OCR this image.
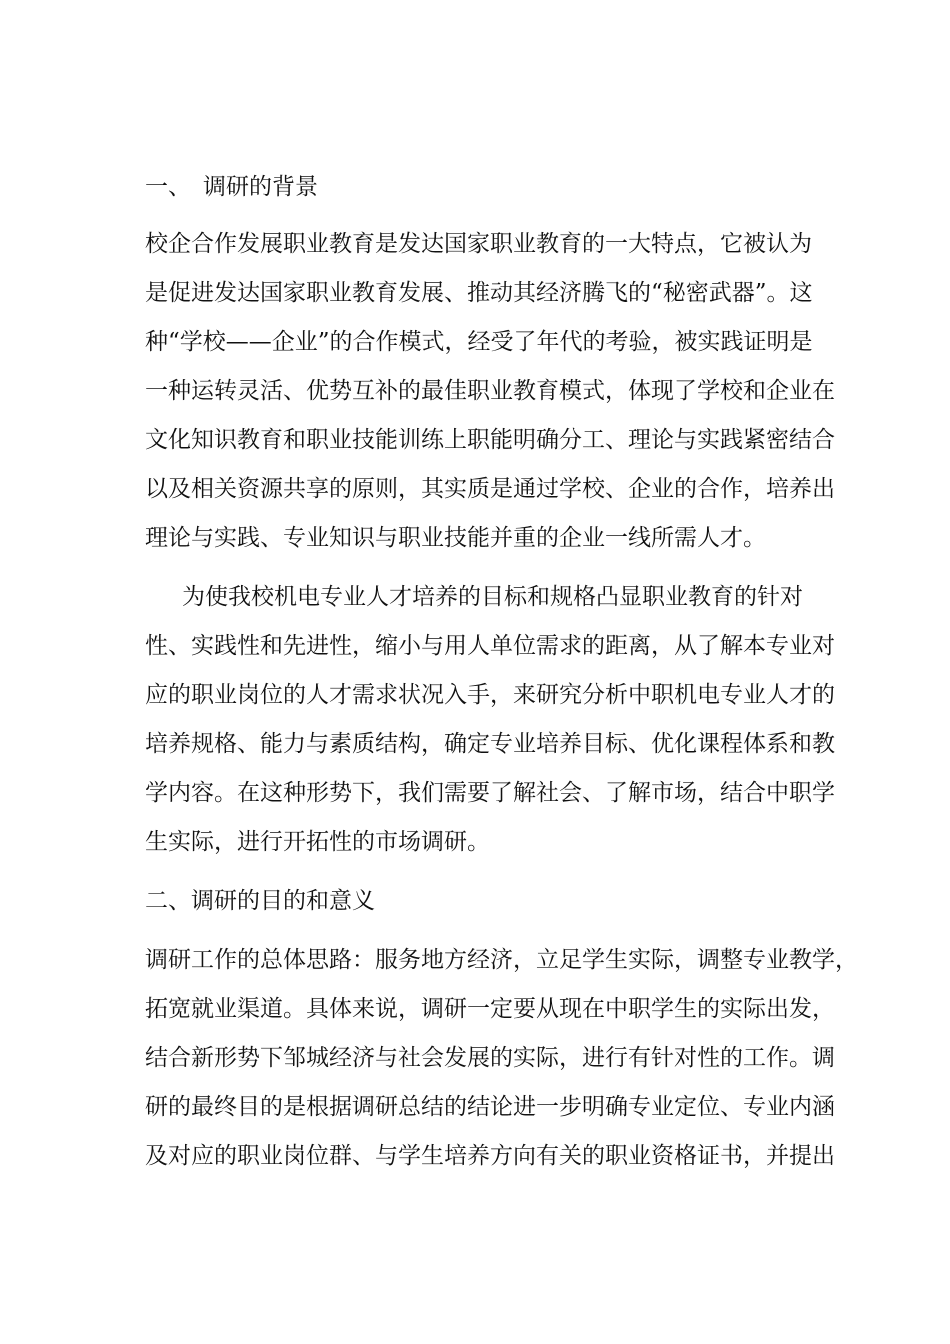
一、 调研的背景
校企合作发展职业教育是发达国家职业教育的一大特点，它被认为
是促进发达国家职业教育发展、推动其经济腾飞的“秘密武器”。这
种“学校——企业”的合作模式，经受了年代的考验，被实践证明是
一种运转灵活、优势互补的最佳职业教育模式，体现了学校和企业在
文化知识教育和职业技能训练上职能明确分工、理论与实践紧密结合
以及相关资源共享的原则，其实质是通过学校、企业的合作，培养出
理论与实践、专业知识与职业技能并重的企业一线所需人才。
为使我校机电专业人才培养的目标和规格凸显职业教育的针对
性、实践性和先进性，缩小与用人单位需求的距离，从了解本专业对
应的职业岗位的人才需求状况入手，来研究分析中职机电专业人才的
培养规格、能力与素质结构，确定专业培养目标、优化课程体系和教
学内容。在这种形势下，我们需要了解社会、了解市场，结合中职学
生实际，进行开拓性的市场调研。
二、调研的目的和意义
调研工作的总体思路：服务地方经济，立足学生实际，调整专业教学，
拓宽就业渠道。具体来说，调研一定要从现在中职学生的实际出发，
结合新形势下邹城经济与社会发展的实际，进行有针对性的工作。调
研的最终目的是根据调研总结的结论进一步明确专业定位、专业内涵
及对应的职业岗位群、与学生培养方向有关的职业资格证书，并提出
